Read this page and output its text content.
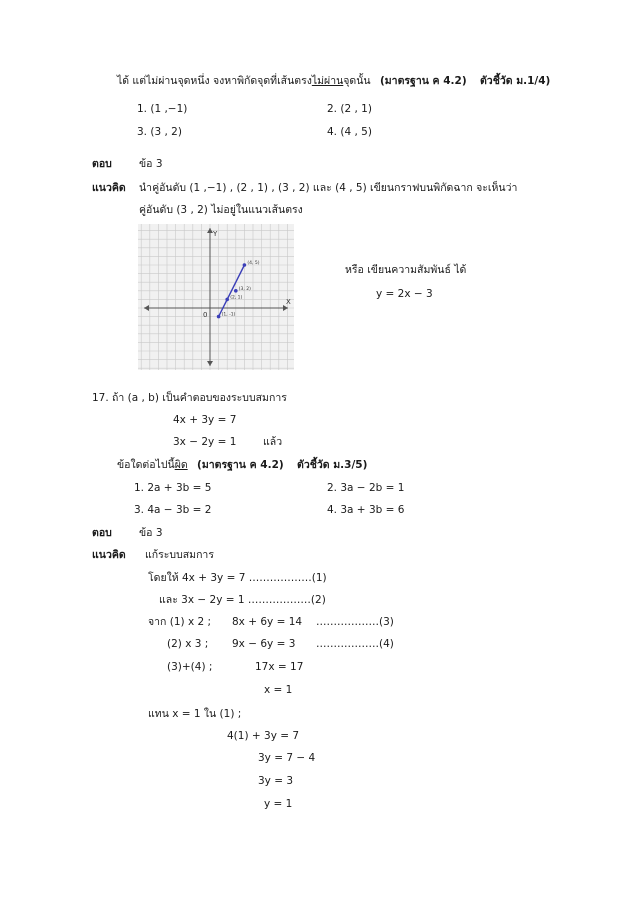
ได้ แต่ไม่ผ่านจุดหนึ่ง จงหาพิกัดจุดที่เส้นตรงไม่ผ่านจุดนั้น (มาตรฐาน ค 4.2) ตัวชี้วัด ม.1/4)
1. (1 ,−1)	2. (2 , 1)
3. (3 , 2)	4. (4 , 5)
ตอบ	ข้อ 3
แนวคิด นำคู่อันดับ (1 ,−1) , (2 , 1) , (3 , 2) และ (4 , 5) เขียนกราฟบนพิกัดฉาก จะเห็นว่า
คู่อันดับ (3 , 2) ไม่อยู่ในแนวเส้นตรง
X
Y
0
(4, 5)
(3, 2)
(2, 1)
(1, -1)
หรือ เขียนความสัมพันธ์ ได้
y = 2x − 3
17. ถ้า (a , b) เป็นคำตอบของระบบสมการ
4x + 3y = 7
3x − 2y = 1	แล้ว
ข้อใดต่อไปนี้ผิด (มาตรฐาน ค 4.2) ตัวชี้วัด ม.3/5)
1. 2a + 3b = 5	2. 3a − 2b = 1
3. 4a − 3b = 2	4. 3a + 3b = 6
ตอบ	ข้อ 3
แนวคิด แก้ระบบสมการ
โดยให้ 4x + 3y = 7 ………………(1)
และ 3x − 2y = 1 ………………(2)
จาก (1) x 2 ; 8x + 6y = 14 ………………(3)
(2) x 3 ; 9x − 6y = 3 ………………(4)
(3)+(4) ;	17x = 17
x = 1
แทน x = 1 ใน (1) ;
4(1) + 3y = 7
3y = 7 − 4
3y = 3
y = 1
